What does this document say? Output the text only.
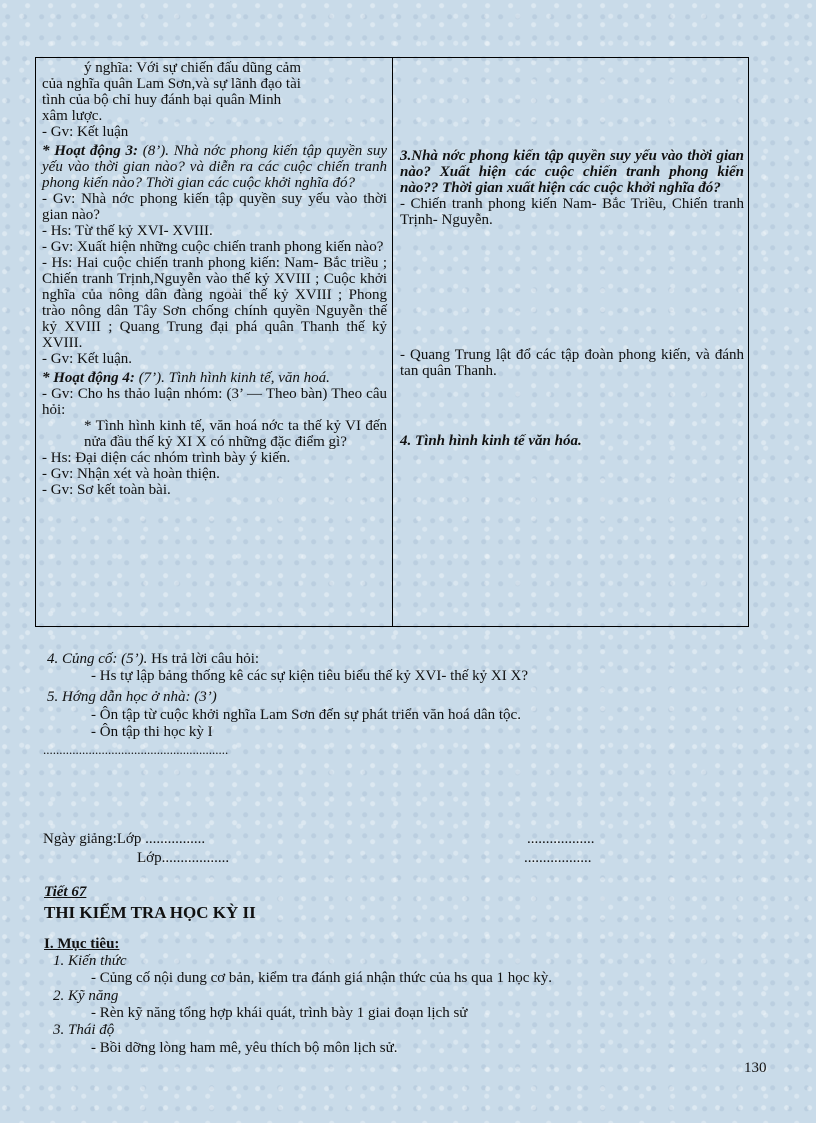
ý nghĩa: Với sự chiến đấu dũng cảm

của nghĩa quân Lam Sơn,và sự lãnh đạo tài

tình của bộ chỉ huy đánh bại quân Minh

xâm lược.

- Gv: Kết luận

* Hoạt động 3: (8’). Nhà nớc phong kiến tập quyền suy yếu vào thời gian nào? và diễn ra các cuộc chiến tranh phong kiến nào? Thời gian các cuộc khởi nghĩa đó?

- Gv: Nhà nớc phong kiến tập quyền suy yếu vào thời gian nào?

- Hs: Từ thế kỷ XVI- XVIII.

- Gv: Xuất hiện những cuộc chiến tranh phong kiến nào?

- Hs: Hai cuộc chiến tranh phong kiến: Nam- Bắc triều ; Chiến tranh Trịnh,Nguyễn vào thế kỷ XVIII ; Cuộc khởi nghĩa của nông dân đàng ngoài thế kỷ XVIII ; Phong trào nông dân Tây Sơn chống chính quyền Nguyễn thế kỷ XVIII ; Quang Trung đại phá quân Thanh thế kỷ XVIII.

- Gv: Kết luận.

* Hoạt động 4: (7’). Tình hình kinh tế, văn hoá.

- Gv: Cho hs thảo luận nhóm: (3’ — Theo bàn) Theo câu hỏi:

* Tình hình kinh tế, văn hoá nớc ta thế kỷ VI đến nửa đầu thế kỷ XI X có những đặc điểm gì?

- Hs: Đại diện các nhóm trình bày ý kiến.

- Gv: Nhận xét và hoàn thiện.

- Gv: Sơ kết toàn bài.

3.Nhà nớc phong kiến tập quyền suy yếu vào thời gian nào? Xuất hiện các cuộc chiến tranh phong kiến nào?? Thời gian xuất hiện các cuộc khởi nghĩa đó?

- Chiến tranh phong kiến Nam- Bắc Triều, Chiến tranh Trịnh- Nguyễn.

- Quang Trung lật đổ các tập đoàn phong kiến, và đánh tan quân Thanh.

4. Tình hình kinh tế văn hóa.

4. Củng cố: (5’). Hs trả lời câu hỏi:
- Hs tự lập bảng thống kê các sự kiện tiêu biểu thế kỷ XVI- thế kỷ XI X?
5. Hớng dẫn học ở nhà: (3’)
- Ôn tập từ cuộc khởi nghĩa Lam Sơn đến sự phát triển văn hoá dân tộc.
- Ôn tập thi học kỳ I
.........................................................
Ngày giảng:Lớp ................	..................
Lớp..................	..................
Tiết 67
THI KIỂM TRA HỌC KỲ II
I. Mục tiêu:
1. Kiến thức
- Củng cố nội dung cơ bản, kiểm tra đánh giá nhận thức của hs qua 1 học kỳ.
2. Kỹ năng
- Rèn kỹ năng tổng hợp khái quát, trình bày 1 giai đoạn lịch sử
3. Thái độ
- Bồi dỡng lòng ham mê, yêu thích bộ môn lịch sử.
130
